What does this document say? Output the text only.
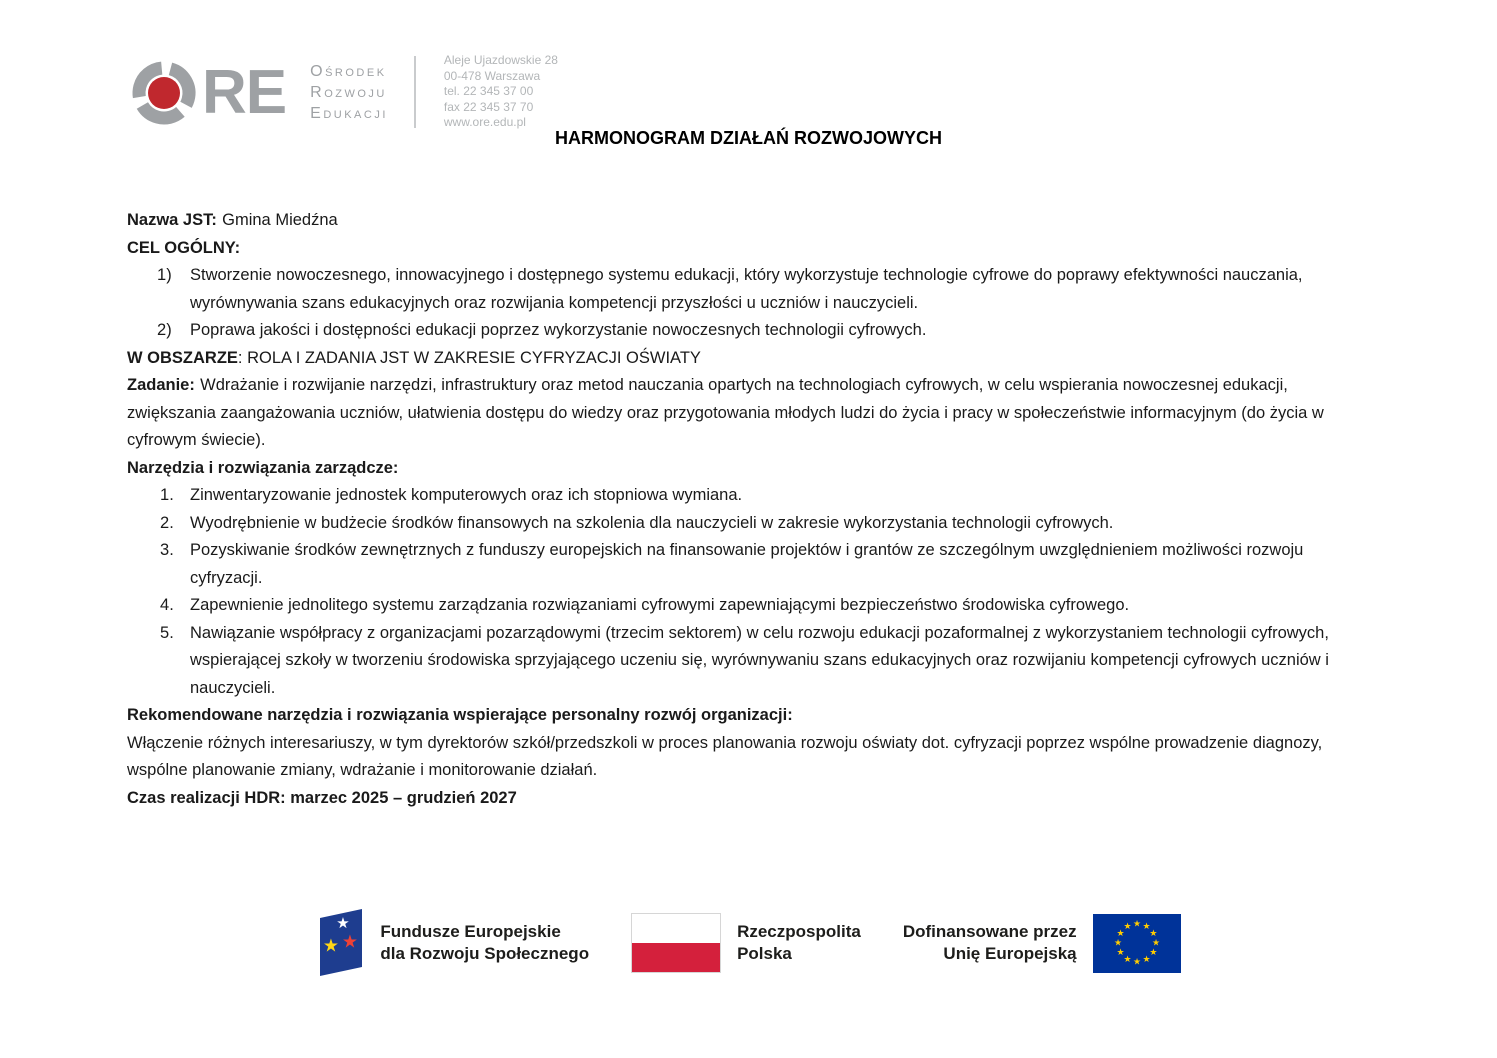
RE Ośrodek
Rozwoju
Edukacji
Aleje Ujazdowskie 28
00-478 Warszawa
tel. 22 345 37 00
fax 22 345 37 70
www.ore.edu.pl
HARMONOGRAM DZIAŁAŃ ROZWOJOWYCH

Nazwa JST: Gmina Miedźna

CEL OGÓLNY:

Stworzenie nowoczesnego, innowacyjnego i dostępnego systemu edukacji, który wykorzystuje technologie cyfrowe do poprawy efektywności nauczania, wyrównywania szans edukacyjnych oraz rozwijania kompetencji przyszłości u uczniów i nauczycieli.
Poprawa jakości i dostępności edukacji poprzez wykorzystanie nowoczesnych technologii cyfrowych.

W OBSZARZE: ROLA I ZADANIA JST W ZAKRESIE CYFRYZACJI OŚWIATY

Zadanie: Wdrażanie i rozwijanie narzędzi, infrastruktury oraz metod nauczania opartych na technologiach cyfrowych, w celu wspierania nowoczesnej edukacji, zwiększania zaangażowania uczniów, ułatwienia dostępu do wiedzy oraz przygotowania młodych ludzi do życia i pracy w społeczeństwie informacyjnym (do życia w cyfrowym świecie).

Narzędzia i rozwiązania zarządcze:

Zinwentaryzowanie jednostek komputerowych oraz ich stopniowa wymiana.
Wyodrębnienie w budżecie środków finansowych na szkolenia dla nauczycieli w zakresie wykorzystania technologii cyfrowych.
Pozyskiwanie środków zewnętrznych z funduszy europejskich na finansowanie projektów i grantów ze szczególnym uwzględnieniem możliwości rozwoju cyfryzacji.
Zapewnienie jednolitego systemu zarządzania rozwiązaniami cyfrowymi zapewniającymi bezpieczeństwo środowiska cyfrowego.
Nawiązanie współpracy z organizacjami pozarządowymi (trzecim sektorem) w celu rozwoju edukacji pozaformalnej z wykorzystaniem technologii cyfrowych, wspierającej szkoły w tworzeniu środowiska sprzyjającego uczeniu się, wyrównywaniu szans edukacyjnych oraz rozwijaniu kompetencji cyfrowych uczniów i nauczycieli.

Rekomendowane narzędzia i rozwiązania wspierające personalny rozwój organizacji:

Włączenie różnych interesariuszy, w tym dyrektorów szkół/przedszkoli w proces planowania rozwoju oświaty dot. cyfryzacji poprzez wspólne prowadzenie diagnozy, wspólne planowanie zmiany, wdrażanie i monitorowanie działań.

Czas realizacji HDR: marzec 2025 – grudzień 2027

★
★ ★ Fundusze Europejskie
dla Rozwoju Społecznego
Rzeczpospolita
Polska
Dofinansowane przez
Unię Europejską
★ ★
★
★
★
★
★
★
★
★
★
★
